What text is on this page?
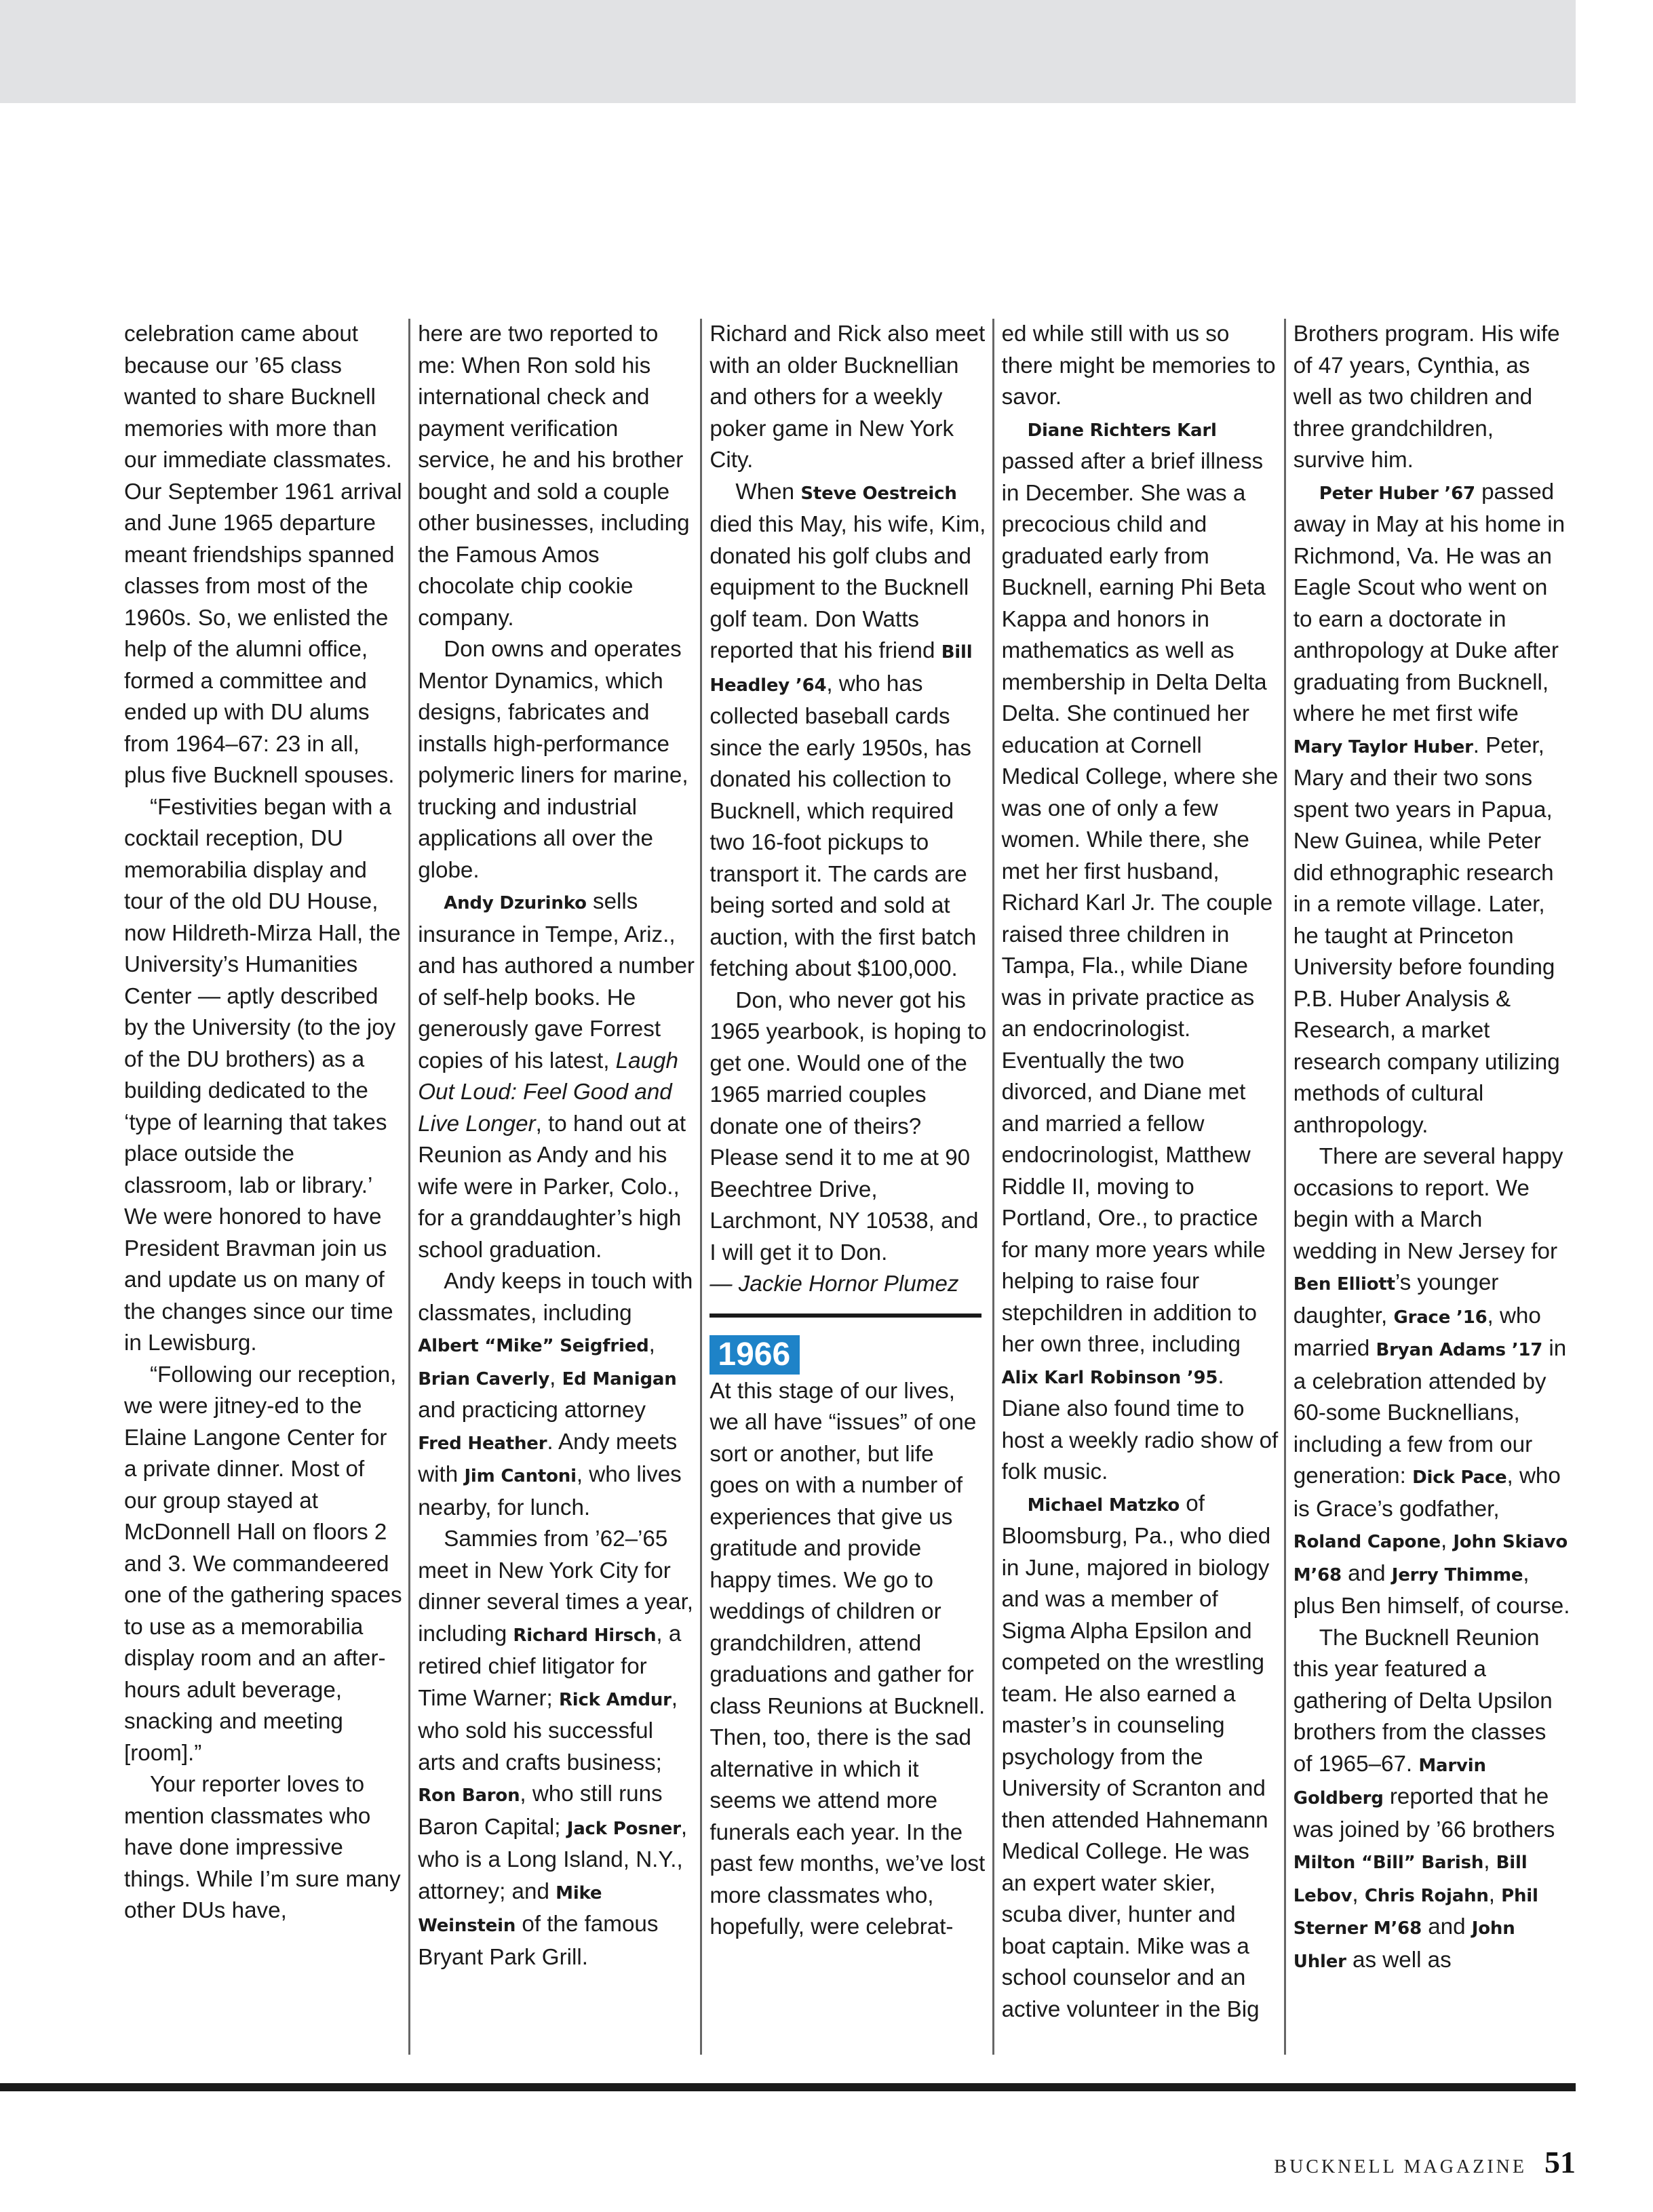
celebration came about because our ’65 class wanted to share Bucknell memories with more than our immediate classmates. Our September 1961 arrival and June 1965 departure meant friendships spanned classes from most of the 1960s. So, we enlisted the help of the alumni office, formed a committee and ended up with DU alums from 1964–67: 23 in all, plus five Bucknell spouses.

“Festivities began with a cocktail reception, DU memorabilia display and tour of the old DU House, now Hildreth-Mirza Hall, the University’s Humanities Center — aptly described by the University (to the joy of the DU brothers) as a building dedicated to the ‘type of learning that takes place outside the classroom, lab or library.’ We were honored to have President Bravman join us and update us on many of the changes since our time in Lewisburg.

“Following our reception, we were jitney-ed to the Elaine Langone Center for a private dinner. Most of our group stayed at McDonnell Hall on floors 2 and 3. We commandeered one of the gathering spaces to use as a memorabilia display room and an after-hours adult beverage, snacking and meeting [room].”

Your reporter loves to mention classmates who have done impressive things. While I’m sure many other DUs have,

here are two reported to me: When Ron sold his international check and payment verification service, he and his brother bought and sold a couple other businesses, including the Famous Amos chocolate chip cookie company.

Don owns and operates Mentor Dynamics, which designs, fabricates and installs high-performance polymeric liners for marine, trucking and industrial applications all over the globe.

Andy Dzurinko sells insurance in Tempe, Ariz., and has authored a number of self-help books. He generously gave Forrest copies of his latest, Laugh Out Loud: Feel Good and Live Longer, to hand out at Reunion as Andy and his wife were in Parker, Colo., for a granddaughter’s high school graduation.

Andy keeps in touch with classmates, including Albert “Mike” Seigfried, Brian Caverly, Ed Manigan and practicing attorney Fred Heather. Andy meets with Jim Cantoni, who lives nearby, for lunch.

Sammies from ’62–’65 meet in New York City for dinner several times a year, including Richard Hirsch, a retired chief litigator for Time Warner; Rick Amdur, who sold his successful arts and crafts business; Ron Baron, who still runs Baron Capital; Jack Posner, who is a Long Island, N.Y., attorney; and Mike Weinstein of the famous Bryant Park Grill.

Richard and Rick also meet with an older Bucknellian and others for a weekly poker game in New York City.

When Steve Oestreich died this May, his wife, Kim, donated his golf clubs and equipment to the Bucknell golf team. Don Watts reported that his friend Bill Headley ’64, who has collected baseball cards since the early 1950s, has donated his collection to Bucknell, which required two 16-foot pickups to transport it. The cards are being sorted and sold at auction, with the first batch fetching about $100,000.

Don, who never got his 1965 yearbook, is hoping to get one. Would one of the 1965 married couples donate one of theirs? Please send it to me at 90 Beechtree Drive, Larchmont, NY 10538, and I will get it to Don.

— Jackie Hornor Plumez

1966

At this stage of our lives, we all have “issues” of one sort or another, but life goes on with a number of experiences that give us gratitude and provide happy times. We go to weddings of children or grandchildren, attend graduations and gather for class Reunions at Bucknell. Then, too, there is the sad alternative in which it seems we attend more funerals each year. In the past few months, we’ve lost more classmates who, hopefully, were celebrat-

ed while still with us so there might be memories to savor.

Diane Richters Karl passed after a brief illness in December. She was a precocious child and graduated early from Bucknell, earning Phi Beta Kappa and honors in mathematics as well as membership in Delta Delta Delta. She continued her education at Cornell Medical College, where she was one of only a few women. While there, she met her first husband, Richard Karl Jr. The couple raised three children in Tampa, Fla., while Diane was in private practice as an endocrinologist. Eventually the two divorced, and Diane met and married a fellow endocrinologist, Matthew Riddle II, moving to Portland, Ore., to practice for many more years while helping to raise four stepchildren in addition to her own three, including Alix Karl Robinson ’95. Diane also found time to host a weekly radio show of folk music.

Michael Matzko of Bloomsburg, Pa., who died in June, majored in biology and was a member of Sigma Alpha Epsilon and competed on the wrestling team. He also earned a master’s in counseling psychology from the University of Scranton and then attended Hahnemann Medical College. He was an expert water skier, scuba diver, hunter and boat captain. Mike was a school counselor and an active volunteer in the Big

Brothers program. His wife of 47 years, Cynthia, as well as two children and three grandchildren, survive him.

Peter Huber ’67 passed away in May at his home in Richmond, Va. He was an Eagle Scout who went on to earn a doctorate in anthropology at Duke after graduating from Bucknell, where he met first wife Mary Taylor Huber. Peter, Mary and their two sons spent two years in Papua, New Guinea, while Peter did ethnographic research in a remote village. Later, he taught at Princeton University before founding P.B. Huber Analysis & Research, a market research company utilizing methods of cultural anthropology.

There are several happy occasions to report. We begin with a March wedding in New Jersey for Ben Elliott’s younger daughter, Grace ’16, who married Bryan Adams ’17 in a celebration attended by 60-some Bucknellians, including a few from our generation: Dick Pace, who is Grace’s godfather, Roland Capone, John Skiavo M’68 and Jerry Thimme, plus Ben himself, of course.

The Bucknell Reunion this year featured a gathering of Delta Upsilon brothers from the classes of 1965–67. Marvin Goldberg reported that he was joined by ’66 brothers Milton “Bill” Barish, Bill Lebov, Chris Rojahn, Phil Sterner M’68 and John Uhler as well as

BUCKNELL MAGAZINE 51
